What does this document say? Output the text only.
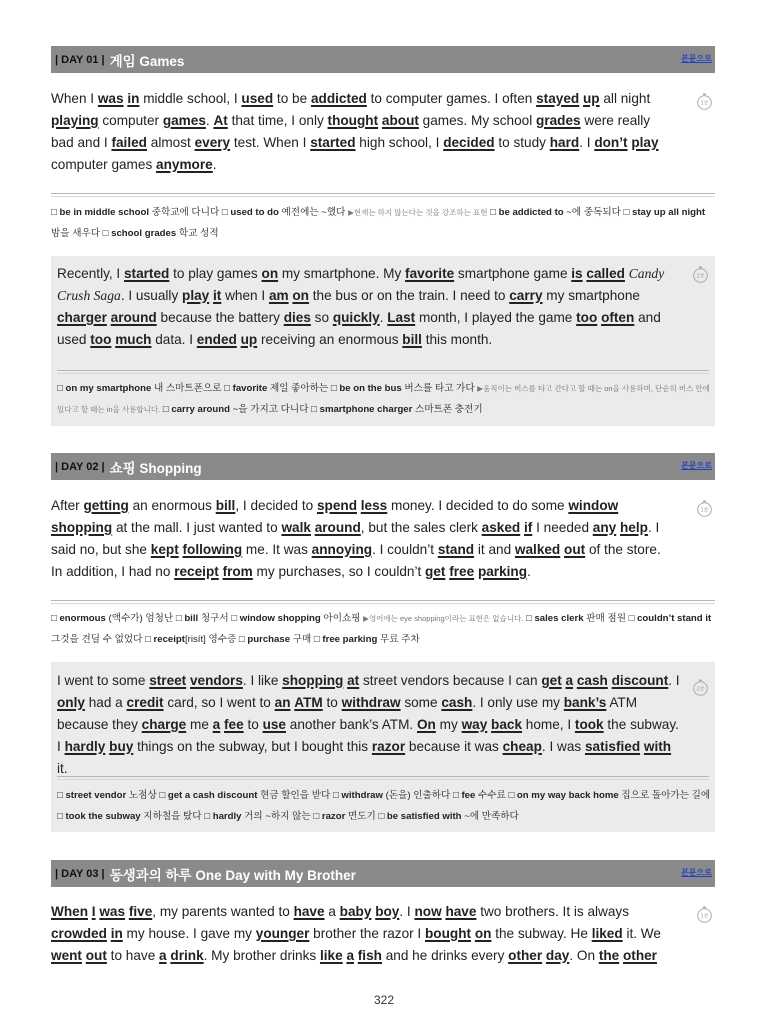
| DAY 01 | 게임 Games	본문으로
When I was in middle school, I used to be addicted to computer games. I often stayed up all night playing computer games. At that time, I only thought about games. My school grades were really bad and I failed almost every test. When I started high school, I decided to study hard. I don’t play computer games anymore.
1분
□ be in middle school 중학교에 다니다 □ used to do 예전에는 ~했다 ▶현재는 하지 않는다는 것을 강조하는 표현 □ be addicted to ~에 중독되다 □ stay up all night 밤을 새우다 □ school grades 학교 성적
Recently, I started to play games on my smartphone. My favorite smartphone game is called Candy Crush Saga. I usually play it when I am on the bus or on the train. I need to carry my smartphone charger around because the battery dies so quickly. Last month, I played the game too often and used too much data. I ended up receiving an enormous bill this month.
2분
□ on my smartphone 내 스마트폰으로 □ favorite 제일 좋아하는 □ be on the bus 버스를 타고 가다 ▶움직이는 버스를 타고 간다고 할 때는 on을 사용하며, 단순히 버스 안에 있다고 할 때는 in을 사용합니다. □ carry around ~을 가지고 다니다 □ smartphone charger 스마트폰 충전기
| DAY 02 | 쇼핑 Shopping	본문으로
After getting an enormous bill, I decided to spend less money. I decided to do some window shopping at the mall. I just wanted to walk around, but the sales clerk asked if I needed any help. I said no, but she kept following me. It was annoying. I couldn’t stand it and walked out of the store. In addition, I had no receipt from my purchases, so I couldn’t get free parking.
1분
□ enormous (액수가) 엄청난 □ bill 청구서 □ window shopping 아이쇼핑 ▶영어에는 eye shopping이라는 표현은 없습니다. □ sales clerk 판매 점원 □ couldn’t stand it 그것을 견딜 수 없었다 □ receipt[risít] 영수증 □ purchase 구매 □ free parking 무료 주차
I went to some street vendors. I like shopping at street vendors because I can get a cash discount. I only had a credit card, so I went to an ATM to withdraw some cash. I only use my bank’s ATM because they charge me a fee to use another bank’s ATM. On my way back home, I took the subway. I hardly buy things on the subway, but I bought this razor because it was cheap. I was satisfied with it.
2분
□ street vendor 노점상 □ get a cash discount 현금 할인을 받다 □ withdraw (돈을) 인출하다 □ fee 수수료 □ on my way back home 집으로 돌아가는 길에 □ took the subway 지하철을 탔다 □ hardly 거의 ~하지 않는 □ razor 면도기 □ be satisfied with ~에 만족하다
| DAY 03 | 동생과의 하루 One Day with My Brother	본문으로
When I was five, my parents wanted to have a baby boy. I now have two brothers. It is always crowded in my house. I gave my younger brother the razor I bought on the subway. He liked it. We went out to have a drink. My brother drinks like a fish and he drinks every other day. On the other
1분
322
